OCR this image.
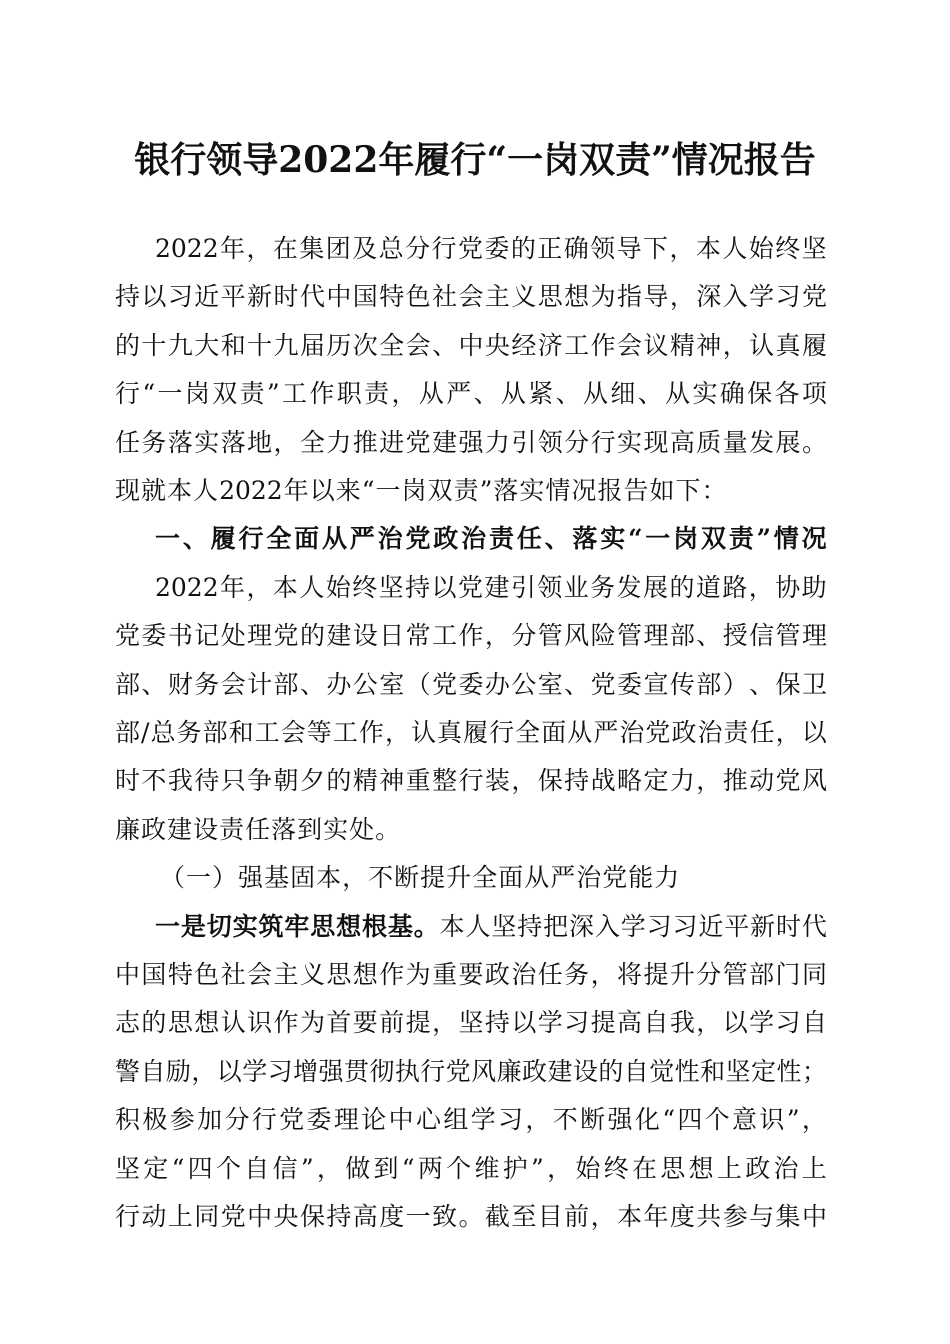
银行领导2022年履行“一岗双责”情况报告
2022 年 ， 在 集 团 及 总 分 行 党 委 的 正 确 领 导 下 ， 本 人 始 终 坚
持 以 习 近 平 新 时 代 中 国 特 色 社 会 主 义 思 想 为 指 导 ， 深 入 学 习 党
的 十 九 大 和 十 九 届 历 次 全 会 、 中 央 经 济 工 作 会 议 精 神 ， 认 真 履
行 “ 一 岗 双 责 ” 工 作 职 责 ， 从 严 、 从 紧 、 从 细 、 从 实 确 保 各 项
任 务 落 实 落 地 ， 全 力 推 进 党 建 强 力 引 领 分 行 实 现 高 质 量 发 展 。
现 就 本 人 2022 年 以 来 “ 一 岗 双 责 ” 落 实 情 况 报 告 如 下 ：
一 、 履 行 全 面 从 严 治 党 政 治 责 任 、 落 实 “ 一 岗 双 责 ” 情 况
2022 年 ， 本 人 始 终 坚 持 以 党 建 引 领 业 务 发 展 的 道 路 ， 协 助
党 委 书 记 处 理 党 的 建 设 日 常 工 作 ， 分 管 风 险 管 理 部 、 授 信 管 理
部 、 财 务 会 计 部 、 办 公 室 （ 党 委 办 公 室 、 党 委 宣 传 部 ） 、 保 卫
部 / 总 务 部 和 工 会 等 工 作 ， 认 真 履 行 全 面 从 严 治 党 政 治 责 任 ， 以
时 不 我 待 只 争 朝 夕 的 精 神 重 整 行 装 ， 保 持 战 略 定 力 ， 推 动 党 风
廉 政 建 设 责 任 落 到 实 处 。
（ 一 ） 强 基 固 本 ， 不 断 提 升 全 面 从 严 治 党 能 力
一 是 切 实 筑 牢 思 想 根 基 。 本 人 坚 持 把 深 入 学 习 习 近 平 新 时 代
中 国 特 色 社 会 主 义 思 想 作 为 重 要 政 治 任 务 ， 将 提 升 分 管 部 门 同
志 的 思 想 认 识 作 为 首 要 前 提 ， 坚 持 以 学 习 提 高 自 我 ， 以 学 习 自
警 自 励 ， 以 学 习 增 强 贯 彻 执 行 党 风 廉 政 建 设 的 自 觉 性 和 坚 定 性 ；
积 极 参 加 分 行 党 委 理 论 中 心 组 学 习 ， 不 断 强 化 “ 四 个 意 识 ” ，
坚 定 “ 四 个 自 信 ” ， 做 到 “ 两 个 维 护 ” ， 始 终 在 思 想 上 政 治 上
行 动 上 同 党 中 央 保 持 高 度 一 致 。 截 至 目 前 ， 本 年 度 共 参 与 集 中
